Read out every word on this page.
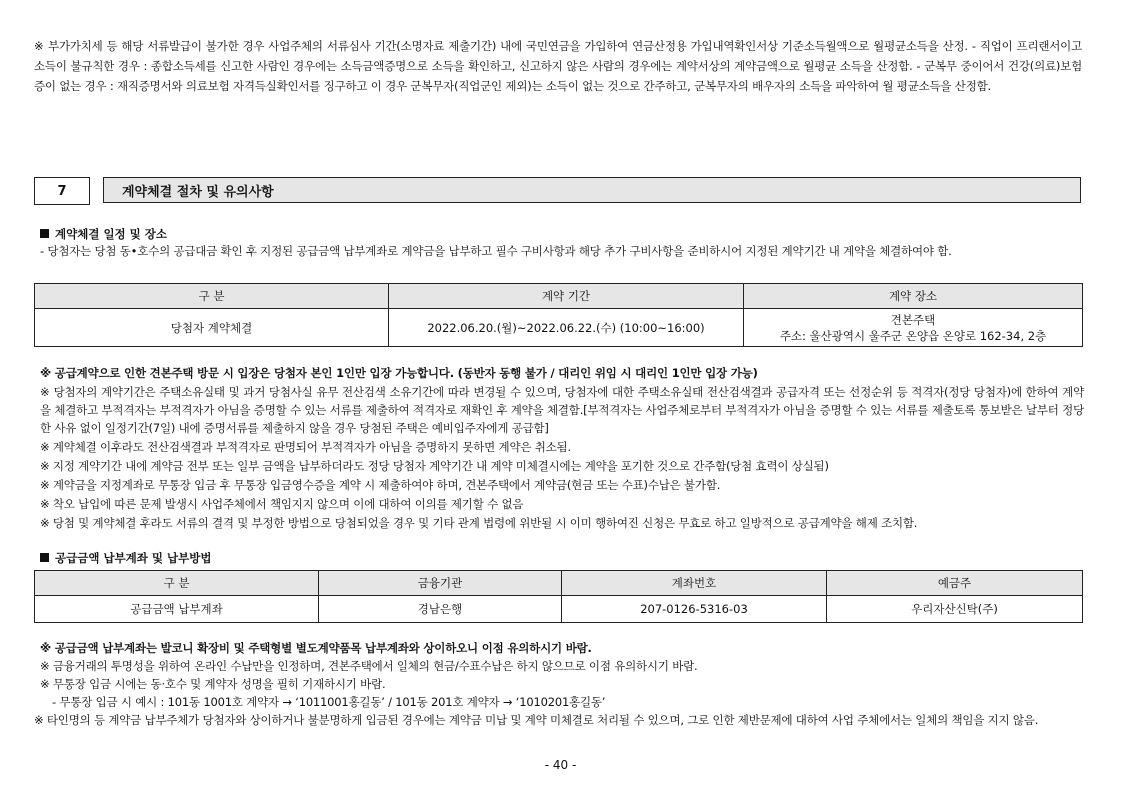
※ 부가가치세 등 해당 서류발급이 불가한 경우 사업주체의 서류심사 기간(소명자료 제출기간) 내에 국민연금을 가입하여 연금산정용 가입내역확인서상 기준소득월액으로 월평균소득을 산정. - 직업이 프리랜서이고 소득이 불규칙한 경우 : 종합소득세를 신고한 사람인 경우에는 소득금액증명으로 소득을 확인하고, 신고하지 않은 사람의 경우에는 계약서상의 계약금액으로 월평균 소득을 산정함. - 군복무 중이어서 건강(의료)보험증이 없는 경우 : 재직증명서와 의료보험 자격득실확인서를 징구하고 이 경우 군복무자(직업군인 제외)는 소득이 없는 것으로 간주하고, 군복무자의 배우자의 소득을 파악하여 월 평균소득을 산정함.
7	계약체결 절차 및 유의사항
계약체결 일정 및 장소
- 당첨자는 당첨 동•호수의 공급대금 확인 후 지정된 공급금액 납부계좌로 계약금을 납부하고 필수 구비사항과 해당 추가 구비사항을 준비하시어 지정된 계약기간 내 계약을 체결하여야 함.
구 분	계약 기간	계약 장소
당첨자 계약체결	2022.06.20.(월)~2022.06.22.(수) (10:00~16:00)	견본주택
주소: 울산광역시 울주군 온양읍 온양로 162-34, 2층
※ 공급계약으로 인한 견본주택 방문 시 입장은 당첨자 본인 1인만 입장 가능합니다. (동반자 동행 불가 / 대리인 위임 시 대리인 1인만 입장 가능)
※ 당첨자의 계약기간은 주택소유실태 및 과거 당첨사실 유무 전산검색 소유기간에 따라 변경될 수 있으며, 당첨자에 대한 주택소유실태 전산검색결과 공급자격 또는 선정순위 등 적격자(정당 당첨자)에 한하여 계약을 체결하고 부적격자는 부적격자가 아님을 증명할 수 있는 서류를 제출하여 적격자로 재확인 후 계약을 체결함.[부적격자는 사업주체로부터 부적격자가 아님을 증명할 수 있는 서류를 제출토록 통보받은 날부터 정당한 사유 없이 일정기간(7일) 내에 증명서류를 제출하지 않을 경우 당첨된 주택은 예비입주자에게 공급함]
※ 계약체결 이후라도 전산검색결과 부적격자로 판명되어 부적격자가 아님을 증명하지 못하면 계약은 취소됨.
※ 지정 계약기간 내에 계약금 전부 또는 일부 금액을 납부하더라도 정당 당첨자 계약기간 내 계약 미체결시에는 계약을 포기한 것으로 간주함(당첨 효력이 상실됨)
※ 계약금을 지정계좌로 무통장 입금 후 무통장 입금영수증을 계약 시 제출하여야 하며, 견본주택에서 계약금(현금 또는 수표)수납은 불가함.
※ 착오 납입에 따른 문제 발생시 사업주체에서 책임지지 않으며 이에 대하여 이의를 제기할 수 없음
※ 당첨 및 계약체결 후라도 서류의 결격 및 부정한 방법으로 당첨되었을 경우 및 기타 관계 법령에 위반될 시 이미 행하여진 신청은 무효로 하고 일방적으로 공급계약을 해제 조치함.
공급금액 납부계좌 및 납부방법
구 분	금융기관	계좌번호	예금주
공급금액 납부계좌	경남은행	207-0126-5316-03	우리자산신탁(주)
※ 공급금액 납부계좌는 발코니 확장비 및 주택형별 별도계약품목 납부계좌와 상이하오니 이점 유의하시기 바람.
※ 금융거래의 투명성을 위하여 온라인 수납만을 인정하며, 견본주택에서 일체의 현금/수표수납은 하지 않으므로 이점 유의하시기 바람.
※ 무통장 입금 시에는 동·호수 및 계약자 성명을 필히 기재하시기 바람.
- 무통장 입금 시 예시 : 101동 1001호 계약자 → ‘1011001홍길동’ / 101동 201호 계약자 → ‘1010201홍길동’
※ 타인명의 등 계약금 납부주체가 당첨자와 상이하거나 불분명하게 입금된 경우에는 계약금 미납 및 계약 미체결로 처리될 수 있으며, 그로 인한 제반문제에 대하여 사업 주체에서는 일체의 책임을 지지 않음.
- 40 -
